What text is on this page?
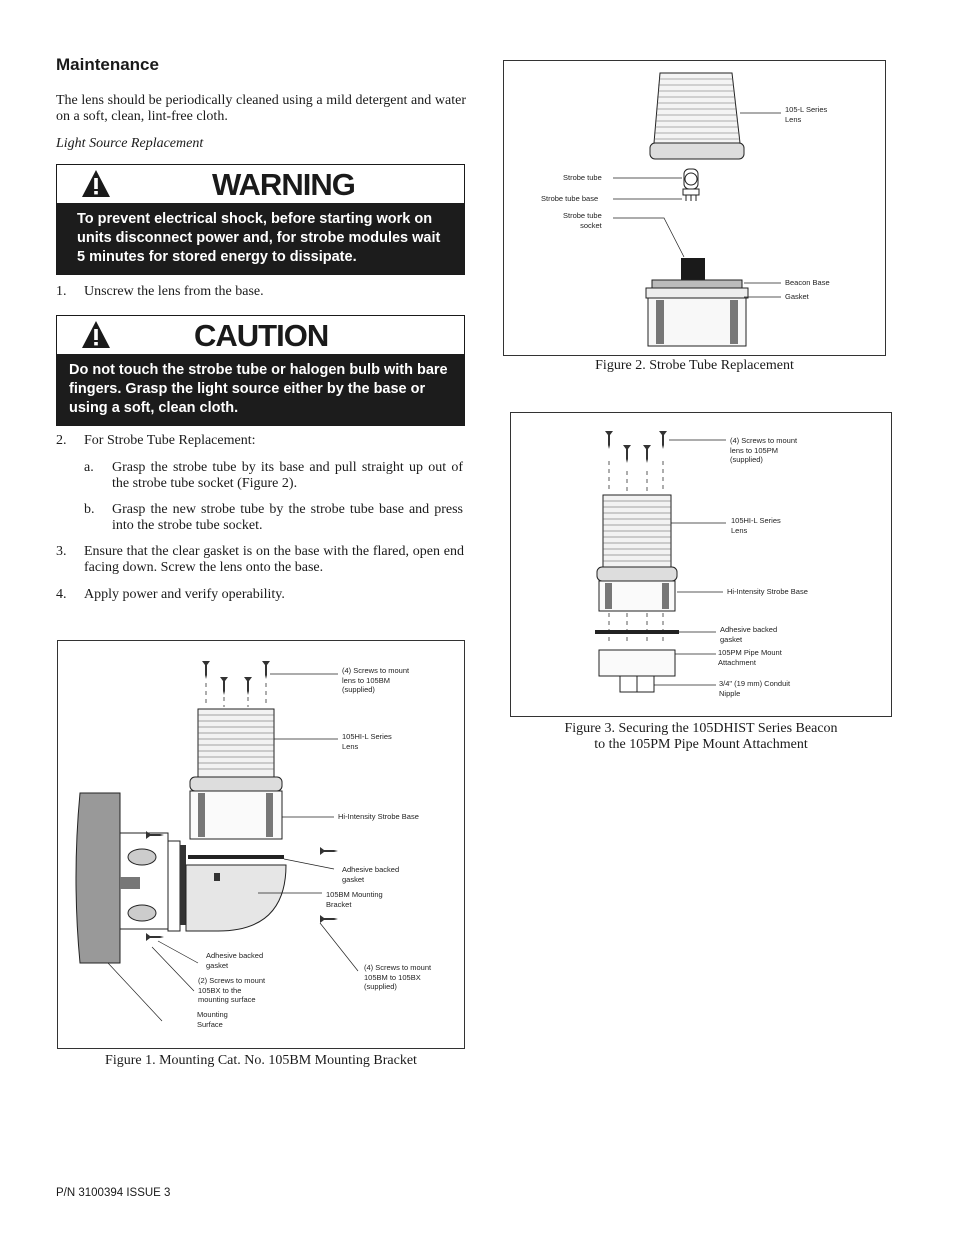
Maintenance

The lens should be periodically cleaned using a mild detergent and water on a soft, clean, lint-free cloth.

Light Source Replacement

WARNING
To prevent electrical shock, before starting work on units disconnect power and, for strobe modules wait 5 minutes for stored energy to dissipate.
1. Unscrew the lens from the base.
CAUTION
Do not touch the strobe tube or halogen bulb with bare fingers. Grasp the light source either by the base or using a soft, clean cloth.
2. For Strobe Tube Replacement:
a. Grasp the strobe tube by its base and pull straight up out of the strobe tube socket (Figure 2).

b. Grasp the new strobe tube by the strobe tube base and press into the strobe tube socket.

3. Ensure that the clear gasket is on the base with the flared, open end facing down. Screw the lens onto the base.

4. Apply power and verify operability.
105-L Series
Lens
Strobe tube
Strobe tube base
Strobe tube
socket
Beacon Base
Gasket
Figure 2. Strobe Tube Replacement
(4) Screws to mount
lens to 105PM
(supplied)
105HI-L Series
Lens
Hi-Intensity Strobe Base
Adhesive backed
gasket
105PM Pipe Mount
Attachment
3/4" (19 mm) Conduit
Nipple
Figure 3. Securing the 105DHIST Series Beacon
to the 105PM Pipe Mount Attachment
(4) Screws to mount
lens to 105BM
(supplied)
105HI-L Series
Lens
Hi-Intensity Strobe Base
Adhesive backed
gasket
105BM Mounting
Bracket
(4) Screws to mount
105BM to 105BX
(supplied)
Adhesive backed
gasket
(2) Screws to mount
105BX to the
mounting surface
Mounting
Surface
Figure 1. Mounting Cat. No. 105BM Mounting Bracket
P/N 3100394 ISSUE 3
